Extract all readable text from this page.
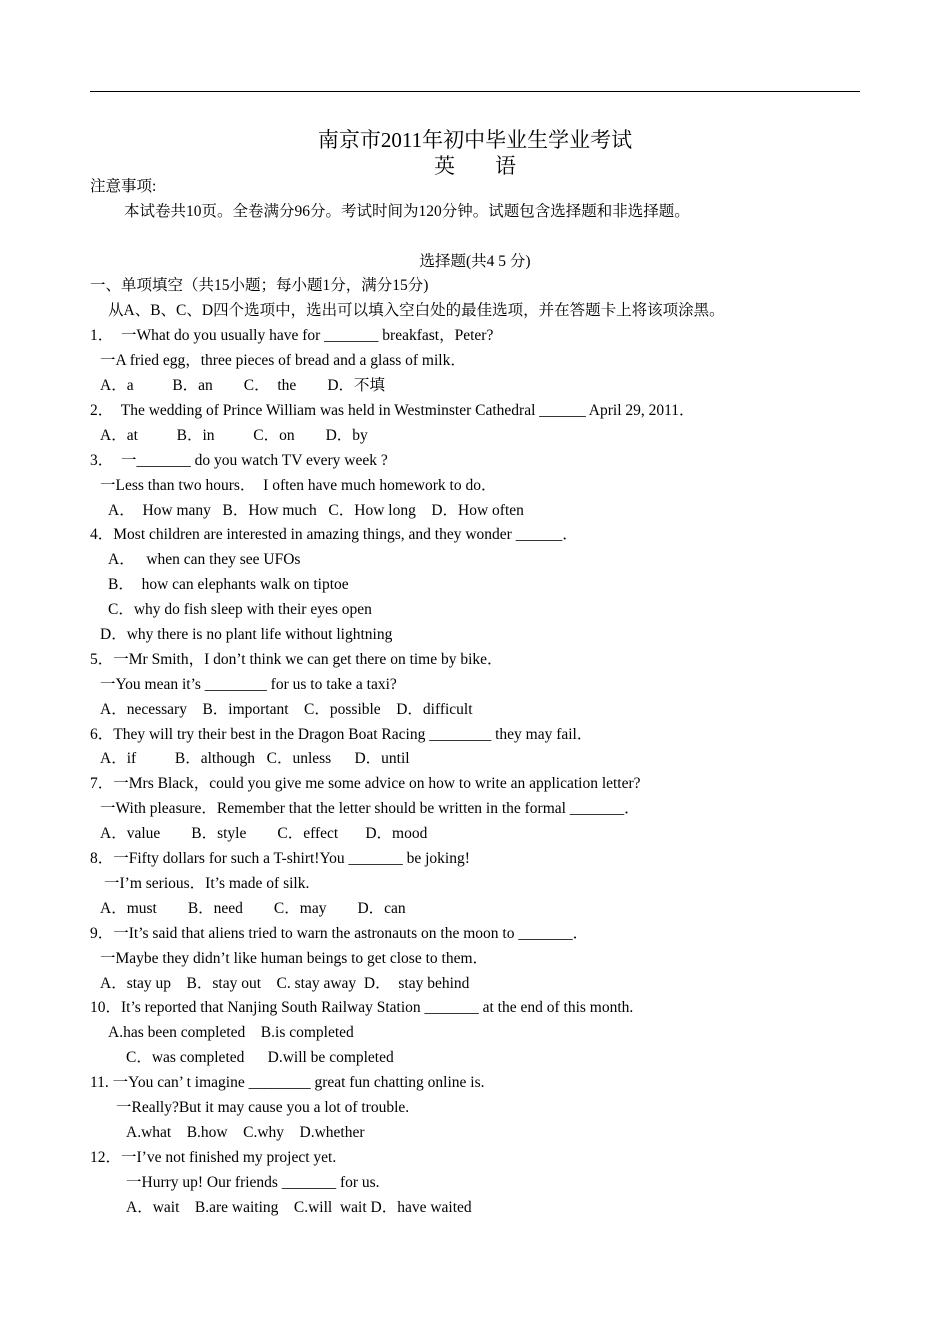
南京市2011年初中毕业生学业考试
英语
注意事项:
本试卷共10页。全卷满分96分。考试时间为120分钟。试题包含选择题和非选择题。
选择题(共4 5 分)
一、单项填空（共15小题；每小题1分，满分15分)
从A、B、C、D四个选项中，选出可以填入空白处的最佳选项，并在答题卡上将该项涂黑。
1．  一What do you usually have for _______ breakfast，Peter?
一A fried egg，three pieces of bread and a glass of milk．
A．a          B．an        C．  the        D．不填
2．  The wedding of Prince William was held in Westminster Cathedral ______ April 29, 2011．
A．at          B．in          C．on        D．by
3．  一_______ do you watch TV every week ?
一Less than two hours．  I often have much homework to do．
A．  How many   B．How much   C．How long    D．How often
4．Most children are interested in amazing things, and they wonder ______．
A．   when can they see UFOs
B．  how can elephants walk on tiptoe
C．why do fish sleep with their eyes open
D．why there is no plant life without lightning
5．一Mr Smith，I don’t think we can get there on time by bike．
一You mean it’s ________ for us to take a taxi?
A．necessary    B．important    C．possible    D．difficult
6．They will try their best in the Dragon Boat Racing ________ they may fail．
A．if          B．although   C．unless      D．until
7．一Mrs Black，could you give me some advice on how to write an application letter?
一With pleasure．Remember that the letter should be written in the formal _______．
A．value        B．style        C．effect       D．mood
8．一Fifty dollars for such a T-shirt!You _______ be joking!
一I’m serious．It’s made of silk.
A．must        B．need        C．may        D．can
9．一It’s said that aliens tried to warn the astronauts on the moon to _______．
一Maybe they didn’t like human beings to get close to them．
A．stay up    B．stay out    C. stay away  D．  stay behind
10．It’s reported that Nanjing South Railway Station _______ at the end of this month.
A.has been completed    B.is completed
C．was completed      D.will be completed
11. 一You can’ t imagine ________ great fun chatting online is.
一Really?But it may cause you a lot of trouble.
A.what    B.how    C.why    D.whether
12．一I’ve not finished my project yet.
一Hurry up! Our friends _______ for us.
A．wait    B.are waiting    C.will  wait D．have waited
